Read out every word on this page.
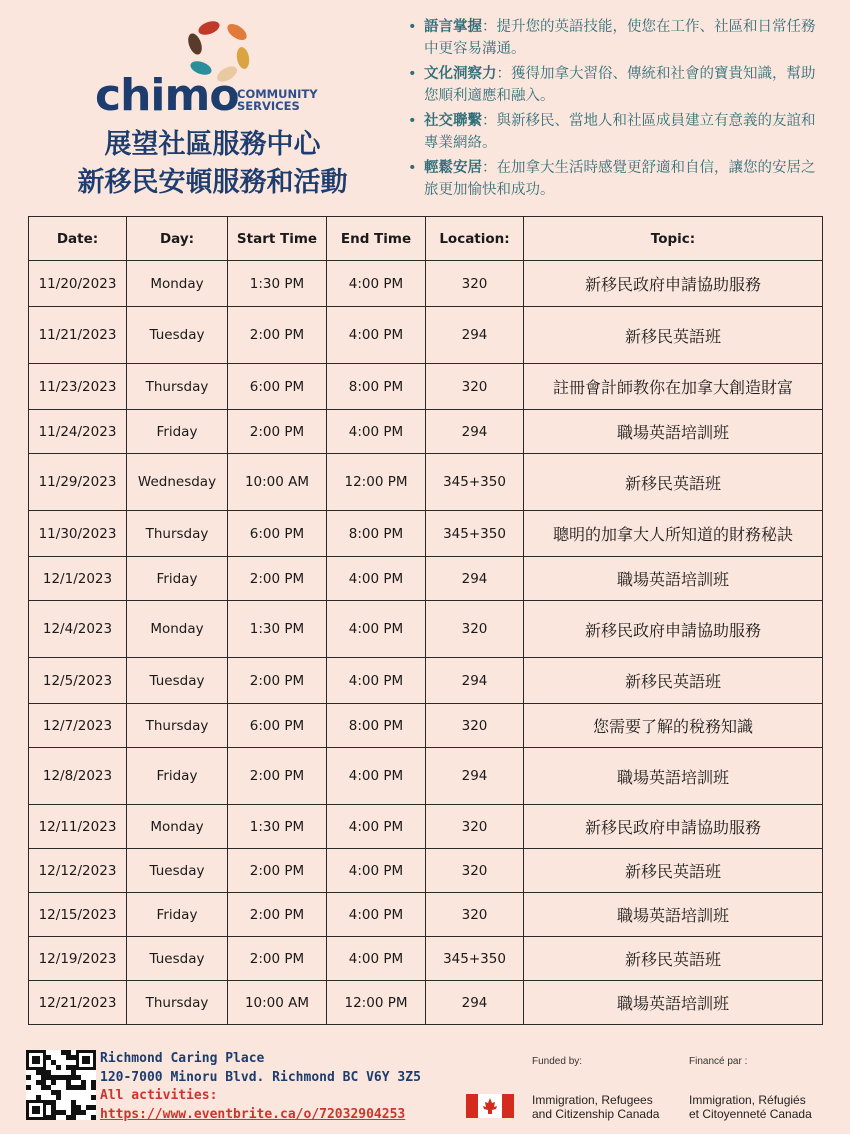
chimo
COMMUNITY
SERVICES
展望社區服務中心
新移民安頓服務和活動
• 語言掌握：提升您的英語技能，使您在工作、社區和日常任務中更容易溝通。
• 文化洞察力：獲得加拿大習俗、傳統和社會的寶貴知識，幫助您順利適應和融入。
• 社交聯繫：與新移民、當地人和社區成員建立有意義的友誼和專業網絡。
• 輕鬆安居：在加拿大生活時感覺更舒適和自信，讓您的安居之旅更加愉快和成功。
Date:	Day:	Start Time	End Time	Location:	Topic:
11/20/2023	Monday	1:30 PM	4:00 PM	320	新移民政府申請協助服務
11/21/2023	Tuesday	2:00 PM	4:00 PM	294	新移民英語班
11/23/2023	Thursday	6:00 PM	8:00 PM	320	註冊會計師教你在加拿大創造財富
11/24/2023	Friday	2:00 PM	4:00 PM	294	職場英語培訓班
11/29/2023	Wednesday	10:00 AM	12:00 PM	345+350	新移民英語班
11/30/2023	Thursday	6:00 PM	8:00 PM	345+350	聰明的加拿大人所知道的財務秘訣
12/1/2023	Friday	2:00 PM	4:00 PM	294	職場英語培訓班
12/4/2023	Monday	1:30 PM	4:00 PM	320	新移民政府申請協助服務
12/5/2023	Tuesday	2:00 PM	4:00 PM	294	新移民英語班
12/7/2023	Thursday	6:00 PM	8:00 PM	320	您需要了解的稅務知識
12/8/2023	Friday	2:00 PM	4:00 PM	294	職場英語培訓班
12/11/2023	Monday	1:30 PM	4:00 PM	320	新移民政府申請協助服務
12/12/2023	Tuesday	2:00 PM	4:00 PM	320	新移民英語班
12/15/2023	Friday	2:00 PM	4:00 PM	320	職場英語培訓班
12/19/2023	Tuesday	2:00 PM	4:00 PM	345+350	新移民英語班
12/21/2023	Thursday	10:00 AM	12:00 PM	294	職場英語培訓班
Richmond Caring Place
120-7000 Minoru Blvd. Richmond BC V6Y 3Z5
All activities:
https://www.eventbrite.ca/o/72032904253
Funded by:	Financé par :
Immigration, Refugees
and Citizenship Canada
Immigration, Réfugiés
et Citoyenneté Canada
